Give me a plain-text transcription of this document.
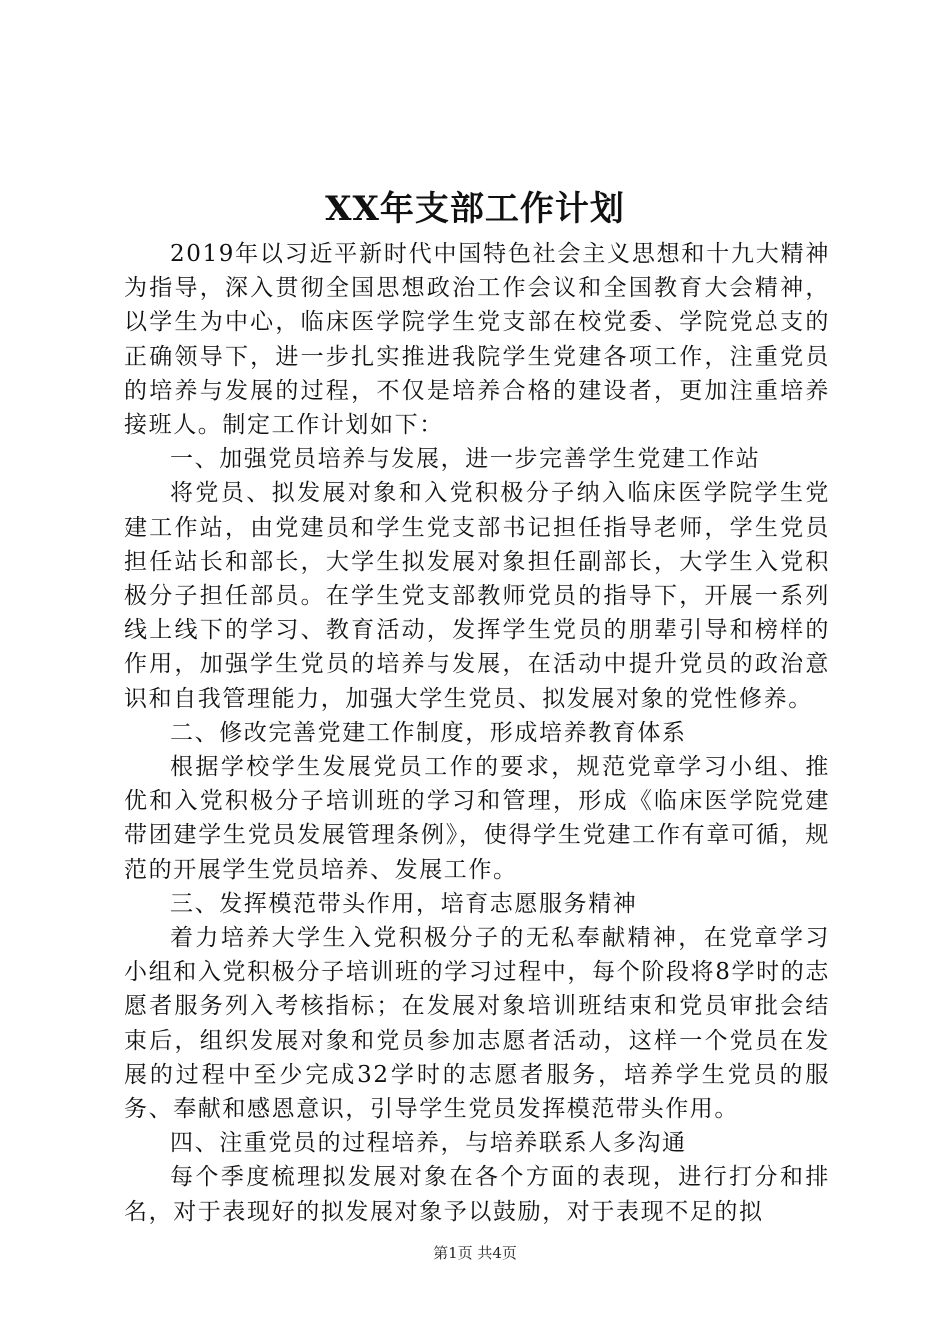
XX年支部工作计划

2019年以习近平新时代中国特色社会主义思想和十九大精神为指导，深入贯彻全国思想政治工作会议和全国教育大会精神，以学生为中心，临床医学院学生党支部在校党委、学院党总支的正确领导下，进一步扎实推进我院学生党建各项工作，注重党员的培养与发展的过程，不仅是培养合格的建设者，更加注重培养接班人。制定工作计划如下：

一、加强党员培养与发展，进一步完善学生党建工作站

将党员、拟发展对象和入党积极分子纳入临床医学院学生党建工作站，由党建员和学生党支部书记担任指导老师，学生党员担任站长和部长，大学生拟发展对象担任副部长，大学生入党积极分子担任部员。在学生党支部教师党员的指导下，开展一系列线上线下的学习、教育活动，发挥学生党员的朋辈引导和榜样的作用，加强学生党员的培养与发展，在活动中提升党员的政治意识和自我管理能力，加强大学生党员、拟发展对象的党性修养。

二、修改完善党建工作制度，形成培养教育体系

根据学校学生发展党员工作的要求，规范党章学习小组、推优和入党积极分子培训班的学习和管理，形成《临床医学院党建带团建学生党员发展管理条例》，使得学生党建工作有章可循，规范的开展学生党员培养、发展工作。

三、发挥模范带头作用，培育志愿服务精神

着力培养大学生入党积极分子的无私奉献精神，在党章学习小组和入党积极分子培训班的学习过程中，每个阶段将8学时的志愿者服务列入考核指标；在发展对象培训班结束和党员审批会结束后，组织发展对象和党员参加志愿者活动，这样一个党员在发展的过程中至少完成32学时的志愿者服务，培养学生党员的服务、奉献和感恩意识，引导学生党员发挥模范带头作用。

四、注重党员的过程培养，与培养联系人多沟通

每个季度梳理拟发展对象在各个方面的表现，进行打分和排名，对于表现好的拟发展对象予以鼓励，对于表现不足的拟

第1页 共4页
